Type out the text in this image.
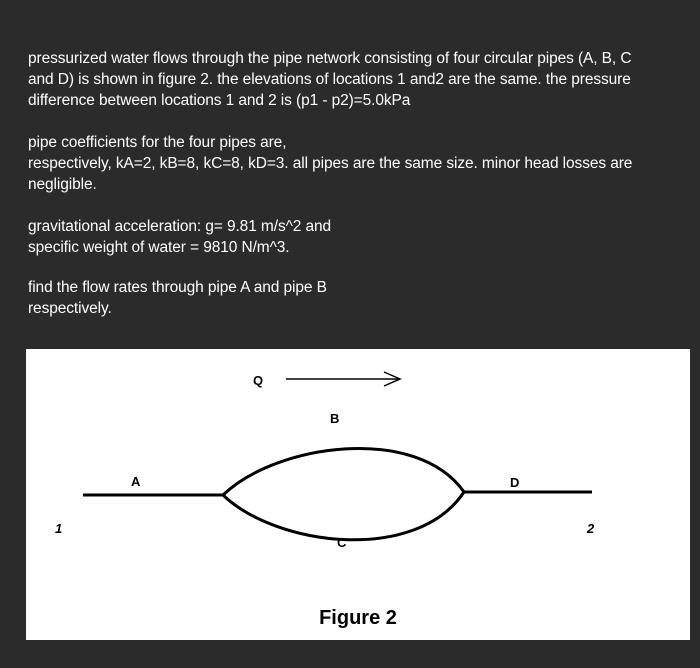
pressurized water flows through the pipe network consisting of four circular pipes (A, B, C
and D) is shown in figure 2. the elevations of locations 1 and2 are the same. the pressure
difference between locations 1 and 2 is (p1 - p2)=5.0kPa

pipe coefficients for the four pipes are,
respectively, kA=2, kB=8, kC=8, kD=3. all pipes are the same size. minor head losses are
negligible.

gravitational acceleration: g= 9.81 m/s^2 and
specific weight of water = 9810 N/m^3.

find the flow rates through pipe A and pipe B
respectively.

Q
A
B
C
D
1	2
Figure 2
